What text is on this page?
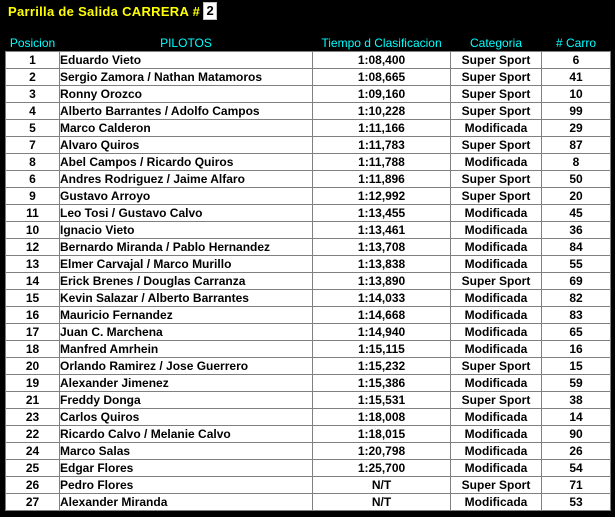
Parrilla de Salida CARRERA # 2
Posicion	PILOTOS	Tiempo d Clasificacion	Categoria	# Carro
1	Eduardo Vieto	1:08,400	Super Sport	6
2	Sergio Zamora / Nathan Matamoros	1:08,665	Super Sport	41
3	Ronny Orozco	1:09,160	Super Sport	10
4	Alberto Barrantes / Adolfo Campos	1:10,228	Super Sport	99
5	Marco Calderon	1:11,166	Modificada	29
7	Alvaro Quiros	1:11,783	Super Sport	87
8	Abel Campos / Ricardo Quiros	1:11,788	Modificada	8
6	Andres Rodriguez / Jaime Alfaro	1:11,896	Super Sport	50
9	Gustavo Arroyo	1:12,992	Super Sport	20
11	Leo Tosi / Gustavo Calvo	1:13,455	Modificada	45
10	Ignacio Vieto	1:13,461	Modificada	36
12	Bernardo Miranda / Pablo Hernandez	1:13,708	Modificada	84
13	Elmer Carvajal / Marco Murillo	1:13,838	Modificada	55
14	Erick Brenes / Douglas Carranza	1:13,890	Super Sport	69
15	Kevin Salazar / Alberto Barrantes	1:14,033	Modificada	82
16	Mauricio Fernandez	1:14,668	Modificada	83
17	Juan C. Marchena	1:14,940	Modificada	65
18	Manfred Amrhein	1:15,115	Modificada	16
20	Orlando Ramirez / Jose Guerrero	1:15,232	Super Sport	15
19	Alexander Jimenez	1:15,386	Modificada	59
21	Freddy Donga	1:15,531	Super Sport	38
23	Carlos Quiros	1:18,008	Modificada	14
22	Ricardo Calvo / Melanie Calvo	1:18,015	Modificada	90
24	Marco Salas	1:20,798	Modificada	26
25	Edgar Flores	1:25,700	Modificada	54
26	Pedro Flores	N/T	Super Sport	71
27	Alexander Miranda	N/T	Modificada	53
